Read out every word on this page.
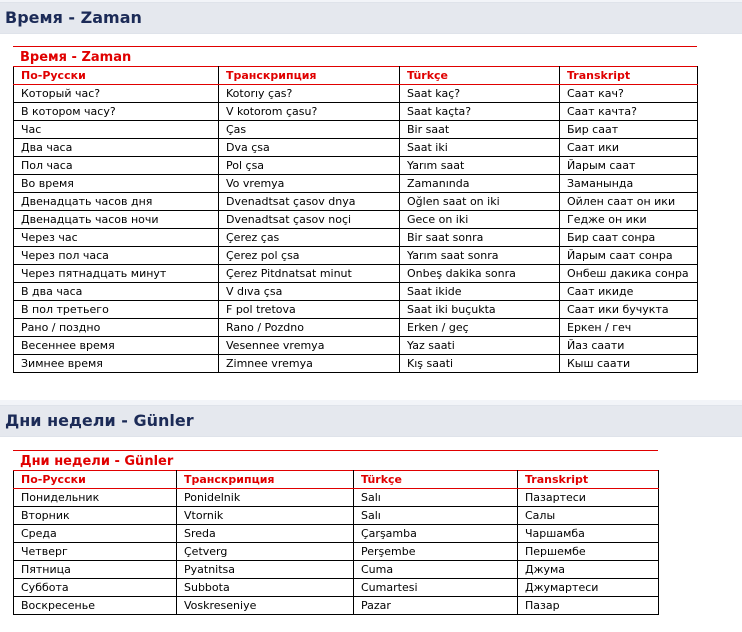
Время - Zaman
Время - Zaman
По-Русски	Транскрипция	Türkçe	Transkript
Который час?	Kotorıy ças?	Saat kaç?	Саат кач?
В котором часу?	V kotorom çasu?	Saat kaçta?	Саат качта?
Час	Ças	Bir saat	Бир саат
Два часа	Dva çsa	Saat iki	Саат ики
Пол часа	Pol çsa	Yarım saat	Йарым саат
Во время	Vo vremya	Zamanında	Заманында
Двенадцать часов дня	Dvenadtsat çasov dnya	Oğlen saat on iki	Ойлен саат он ики
Двенадцать часов ночи	Dvenadtsat çasov noçi	Gece on iki	Гедже он ики
Через час	Çerez ças	Bir saat sonra	Бир саат сонра
Через пол часа	Çerez pol çsa	Yarım saat sonra	Йарым саат сонра
Через пятнадцать минут	Çerez Pitdnatsat minut	Onbeş dakika sonra	Онбеш дакика сонра
В два часа	V dıva çsa	Saat ikide	Саат икиде
В пол третьего	F pol tretova	Saat iki buçukta	Саат ики бучукта
Рано / поздно	Rano / Pozdno	Erken / geç	Еркен / геч
Весеннее время	Vesennee vremya	Yaz saati	Йаз саати
Зимнее время	Zimnee vremya	Kış saati	Кыш саати
Дни недели - Günler
Дни недели - Günler
По-Русски	Транскрипция	Türkçe	Transkript
Понидельник	Ponidelnik	Salı	Пазартеси
Вторник	Vtornik	Salı	Салы
Среда	Sreda	Çarşamba	Чаршамба
Четверг	Çetverg	Perşembe	Першембе
Пятница	Pyatnitsa	Cuma	Джума
Суббота	Subbota	Cumartesi	Джумартеси
Воскресенье	Voskreseniye	Pazar	Пазар
